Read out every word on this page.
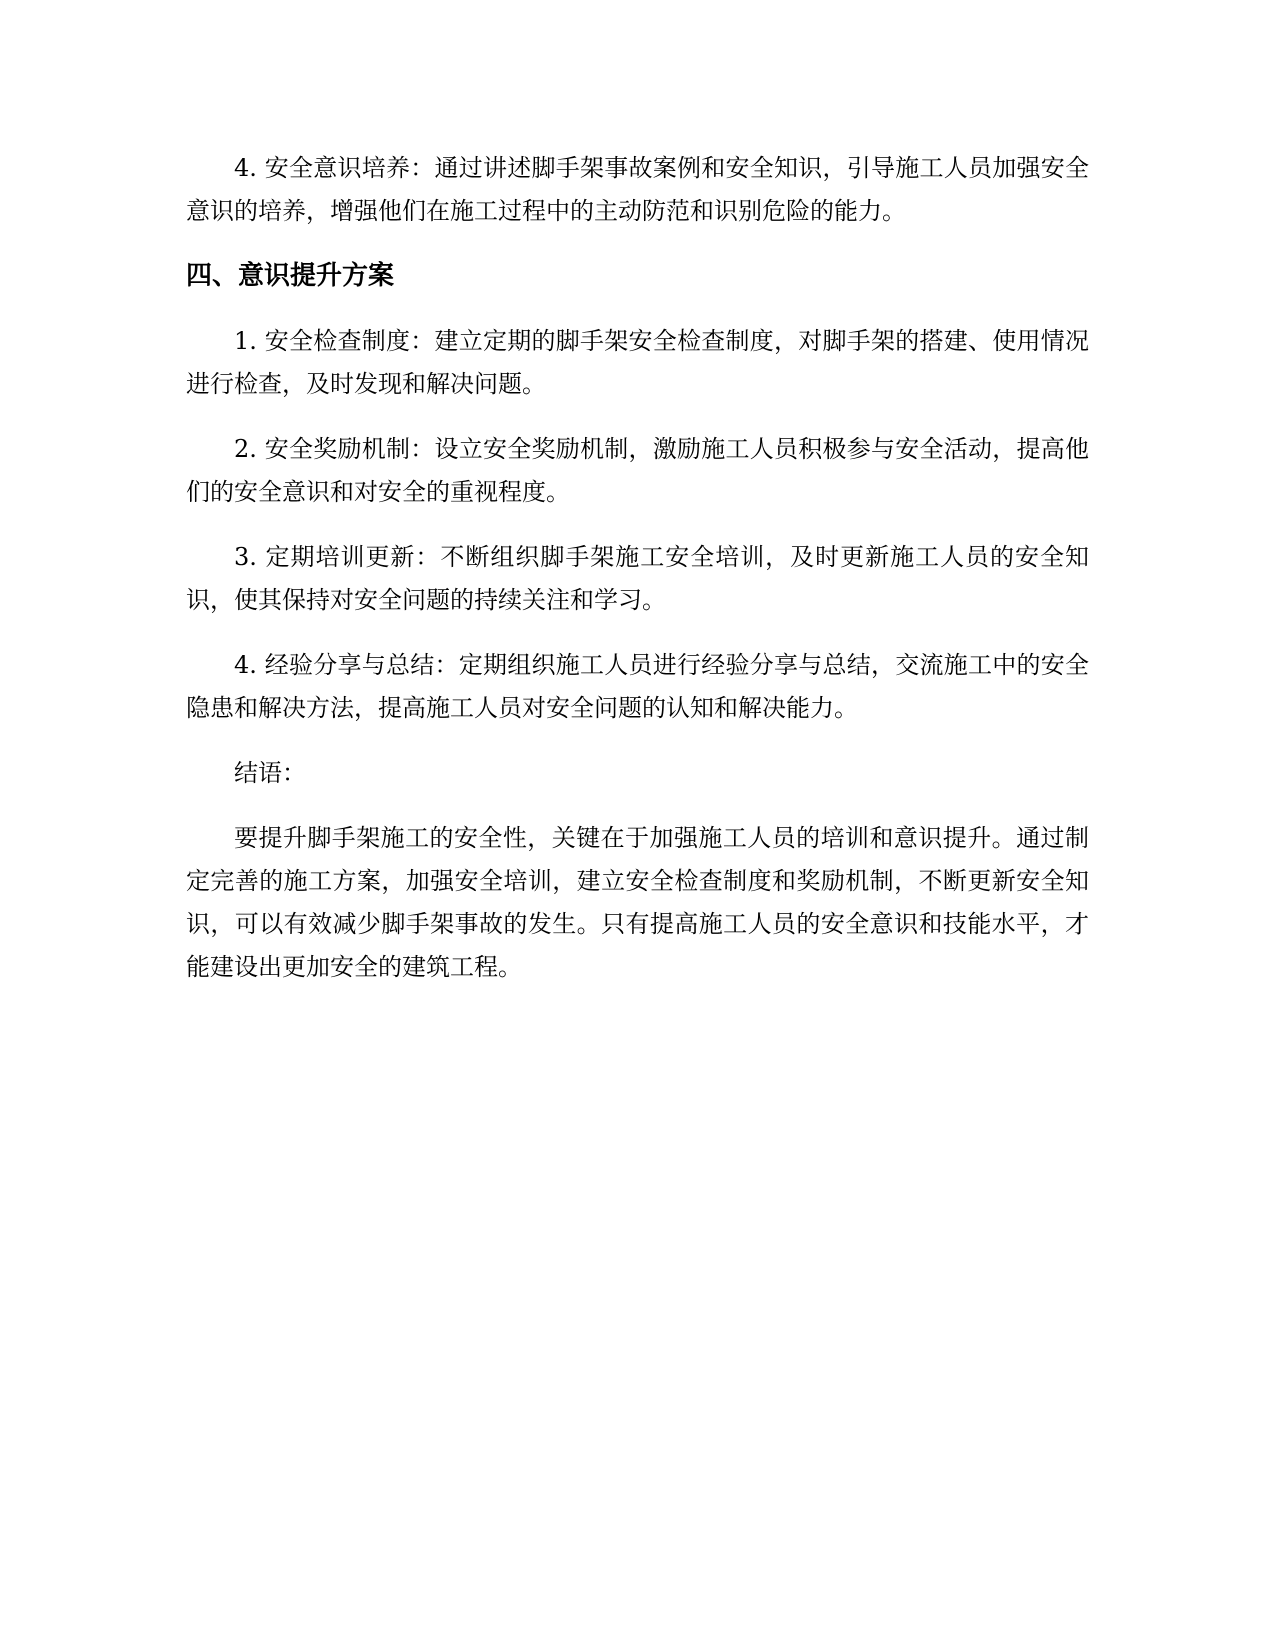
4. 安全意识培养：通过讲述脚手架事故案例和安全知识，引导施工人员加强安全意识的培养，增强他们在施工过程中的主动防范和识别危险的能力。

四、意识提升方案

1. 安全检查制度：建立定期的脚手架安全检查制度，对脚手架的搭建、使用情况进行检查，及时发现和解决问题。

2. 安全奖励机制：设立安全奖励机制，激励施工人员积极参与安全活动，提高他们的安全意识和对安全的重视程度。

3. 定期培训更新：不断组织脚手架施工安全培训，及时更新施工人员的安全知识，使其保持对安全问题的持续关注和学习。

4. 经验分享与总结：定期组织施工人员进行经验分享与总结，交流施工中的安全隐患和解决方法，提高施工人员对安全问题的认知和解决能力。

结语：

要提升脚手架施工的安全性，关键在于加强施工人员的培训和意识提升。通过制定完善的施工方案，加强安全培训，建立安全检查制度和奖励机制，不断更新安全知识，可以有效减少脚手架事故的发生。只有提高施工人员的安全意识和技能水平，才能建设出更加安全的建筑工程。
